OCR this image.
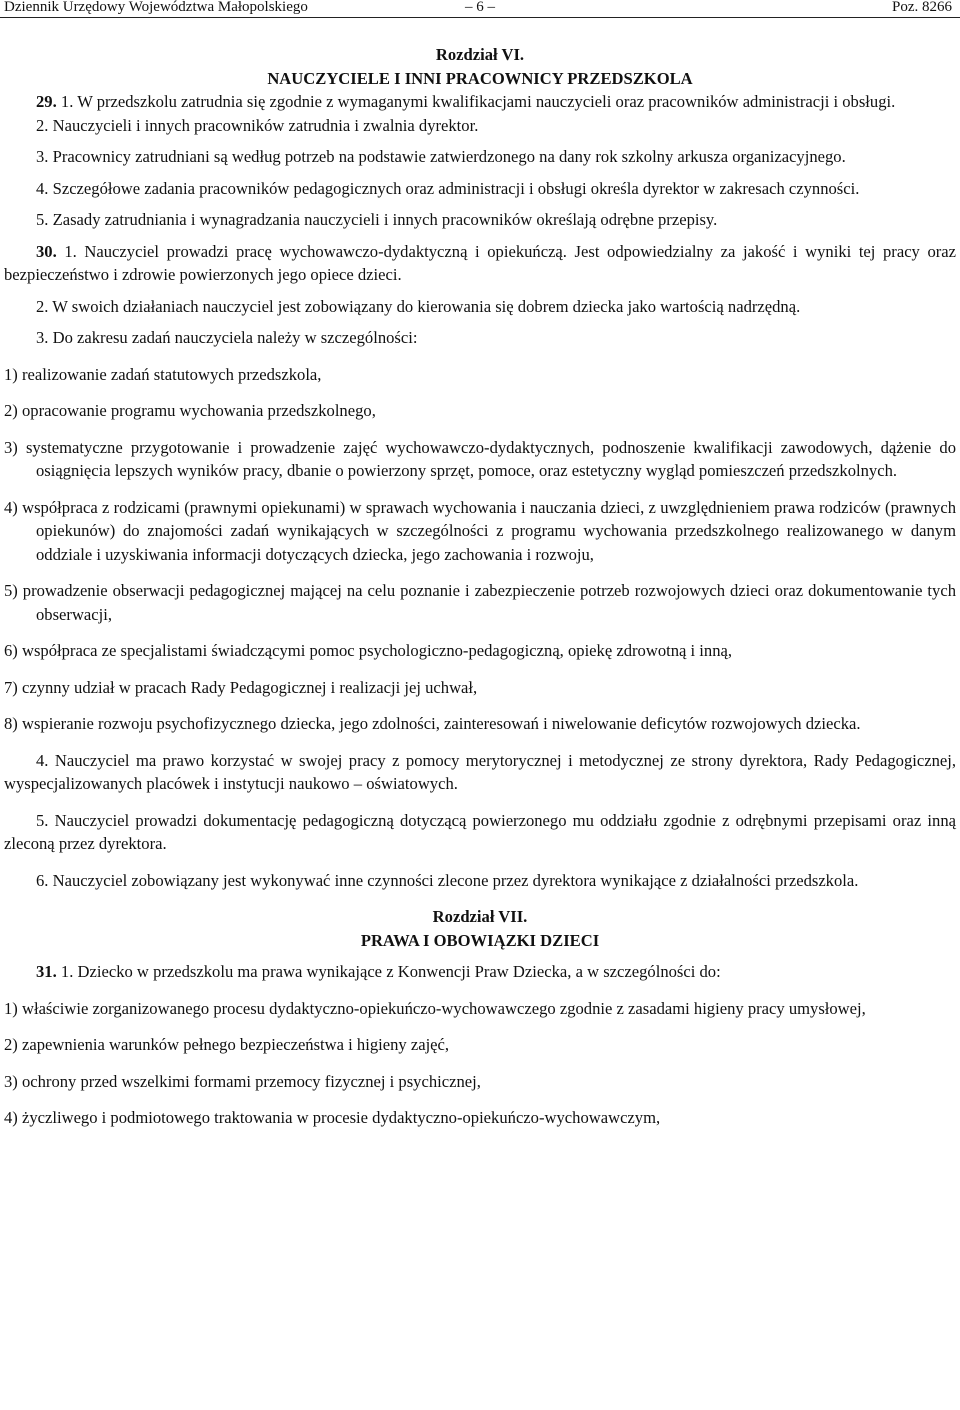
Dziennik Urzędowy Województwa Małopolskiego	– 6 –	Poz. 8266

Rozdział VI.

NAUCZYCIELE I INNI PRACOWNICY PRZEDSZKOLA

29. 1. W przedszkolu zatrudnia się zgodnie z wymaganymi kwalifikacjami nauczycieli oraz pracowników administracji i obsługi.

2. Nauczycieli i innych pracowników zatrudnia i zwalnia dyrektor.

3. Pracownicy zatrudniani są według potrzeb na podstawie zatwierdzonego na dany rok szkolny arkusza organizacyjnego.

4. Szczegółowe zadania pracowników pedagogicznych oraz administracji i obsługi określa dyrektor w zakresach czynności.

5. Zasady zatrudniania i wynagradzania nauczycieli i innych pracowników określają odrębne przepisy.

30. 1. Nauczyciel prowadzi pracę wychowawczo-dydaktyczną i opiekuńczą. Jest odpowiedzialny za jakość i wyniki tej pracy oraz bezpieczeństwo i zdrowie powierzonych jego opiece dzieci.

2. W swoich działaniach nauczyciel jest zobowiązany do kierowania się dobrem dziecka jako wartością nadrzędną.

3. Do zakresu zadań nauczyciela należy w szczególności:

1) realizowanie zadań statutowych przedszkola,

2) opracowanie programu wychowania przedszkolnego,

3) systematyczne przygotowanie i prowadzenie zajęć wychowawczo-dydaktycznych, podnoszenie kwalifikacji zawodowych, dążenie do osiągnięcia lepszych wyników pracy, dbanie o powierzony sprzęt, pomoce, oraz estetyczny wygląd pomieszczeń przedszkolnych.

4) współpraca z rodzicami (prawnymi opiekunami) w sprawach wychowania i nauczania dzieci, z uwzględnieniem prawa rodziców (prawnych opiekunów) do znajomości zadań wynikających w szczególności z programu wychowania przedszkolnego realizowanego w danym oddziale i uzyskiwania informacji dotyczących dziecka, jego zachowania i rozwoju,

5) prowadzenie obserwacji pedagogicznej mającej na celu poznanie i zabezpieczenie potrzeb rozwojowych dzieci oraz dokumentowanie tych obserwacji,

6) współpraca ze specjalistami świadczącymi pomoc psychologiczno-pedagogiczną, opiekę zdrowotną i inną,

7) czynny udział w pracach Rady Pedagogicznej i realizacji jej uchwał,

8) wspieranie rozwoju psychofizycznego dziecka, jego zdolności, zainteresowań i niwelowanie deficytów rozwojowych dziecka.

4. Nauczyciel ma prawo korzystać w swojej pracy z pomocy merytorycznej i metodycznej ze strony dyrektora, Rady Pedagogicznej, wyspecjalizowanych placówek i instytucji naukowo – oświatowych.

5. Nauczyciel prowadzi dokumentację pedagogiczną dotyczącą powierzonego mu oddziału zgodnie z odrębnymi przepisami oraz inną zleconą przez dyrektora.

6. Nauczyciel zobowiązany jest wykonywać inne czynności zlecone przez dyrektora wynikające z działalności przedszkola.

Rozdział VII.

PRAWA I OBOWIĄZKI DZIECI

31. 1. Dziecko w przedszkolu ma prawa wynikające z Konwencji Praw Dziecka, a w szczególności do:

1) właściwie zorganizowanego procesu dydaktyczno-opiekuńczo-wychowawczego zgodnie z zasadami higieny pracy umysłowej,

2) zapewnienia warunków pełnego bezpieczeństwa i higieny zajęć,

3) ochrony przed wszelkimi formami przemocy fizycznej i psychicznej,

4) życzliwego i podmiotowego traktowania w procesie dydaktyczno-opiekuńczo-wychowawczym,
